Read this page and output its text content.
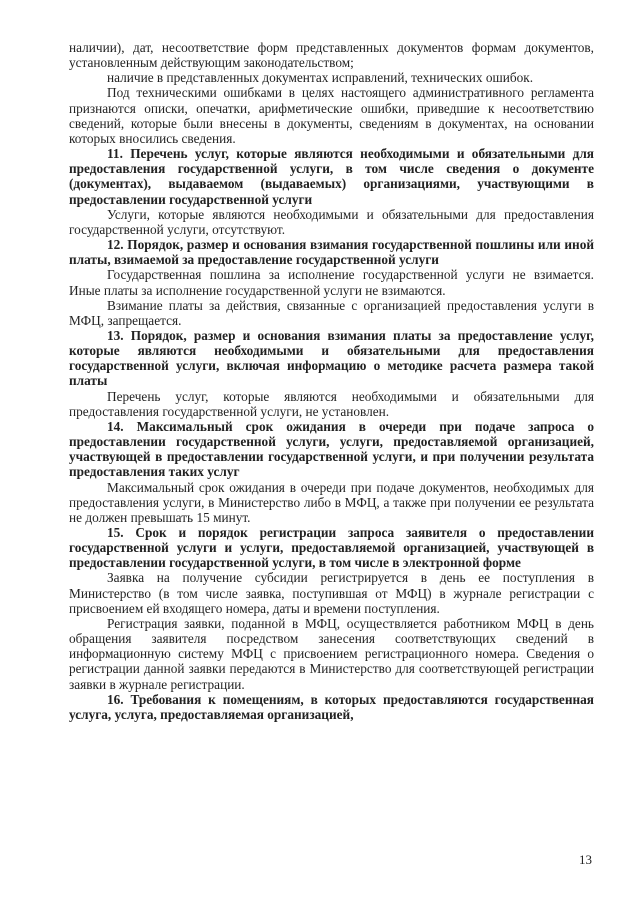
наличии), дат, несоответствие форм представленных документов формам документов, установленным действующим законодательством;

наличие в представленных документах исправлений, технических ошибок.

Под техническими ошибками в целях настоящего административного регламента признаются описки, опечатки, арифметические ошибки, приведшие к несоответствию сведений, которые были внесены в документы, сведениям в документах, на основании которых вносились сведения.

11. Перечень услуг, которые являются необходимыми и обязательными для предоставления государственной услуги, в том числе сведения о документе (документах), выдаваемом (выдаваемых) организациями, участвующими в предоставлении государственной услуги

Услуги, которые являются необходимыми и обязательными для предоставления государственной услуги, отсутствуют.

12. Порядок, размер и основания взимания государственной пошлины или иной платы, взимаемой за предоставление государственной услуги

Государственная пошлина за исполнение государственной услуги не взимается. Иные платы за исполнение государственной услуги не взимаются.

Взимание платы за действия, связанные с организацией предоставления услуги в МФЦ, запрещается.

13. Порядок, размер и основания взимания платы за предоставление услуг, которые являются необходимыми и обязательными для предоставления государственной услуги, включая информацию о методике расчета размера такой платы

Перечень услуг, которые являются необходимыми и обязательными для предоставления государственной услуги, не установлен.

14. Максимальный срок ожидания в очереди при подаче запроса о предоставлении государственной услуги, услуги, предоставляемой организацией, участвующей в предоставлении государственной услуги, и при получении результата предоставления таких услуг

Максимальный срок ожидания в очереди при подаче документов, необходимых для предоставления услуги, в Министерство либо в МФЦ, а также при получении ее результата не должен превышать 15 минут.

15. Срок и порядок регистрации запроса заявителя о предоставлении государственной услуги и услуги, предоставляемой организацией, участвующей в предоставлении государственной услуги, в том числе в электронной форме

Заявка на получение субсидии регистрируется в день ее поступления в Министерство (в том числе заявка, поступившая от МФЦ) в журнале регистрации с присвоением ей входящего номера, даты и времени поступления.

Регистрация заявки, поданной в МФЦ, осуществляется работником МФЦ в день обращения заявителя посредством занесения соответствующих сведений в информационную систему МФЦ с присвоением регистрационного номера. Сведения о регистрации данной заявки передаются в Министерство для соответствующей регистрации заявки в журнале регистрации.

16. Требования к помещениям, в которых предоставляются государственная услуга, услуга, предоставляемая организацией,

13
